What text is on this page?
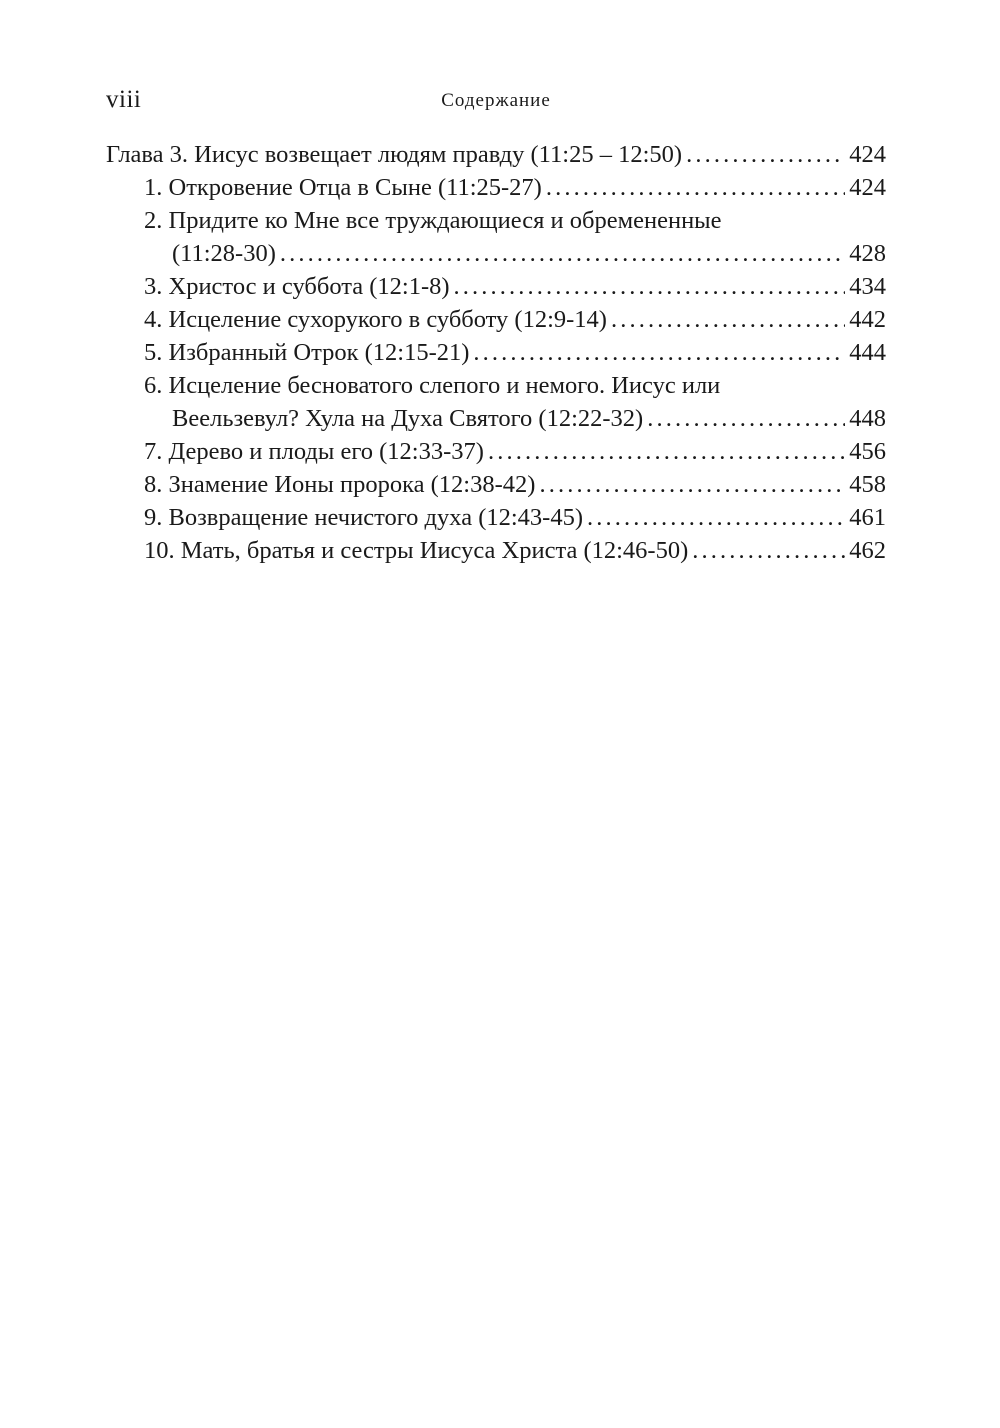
viii	Содержание
Глава 3. Иисус возвещает людям правду (11:25 – 12:50) . . .	424
1. Откровение Отца в Сыне (11:25-27) . . .	424
2. Придите ко Мне все труждающиеся и обремененные
(11:28-30) . . .	428
3. Христос и суббота (12:1-8) . . .	434
4. Исцеление сухорукого в субботу (12:9-14) . . .	442
5. Избранный Отрок (12:15-21) . . .	444
6. Исцеление бесноватого слепого и немого. Иисус или
Веельзевул? Хула на Духа Святого (12:22-32) . . .	448
7. Дерево и плоды его (12:33-37) . . .	456
8. Знамение Ионы пророка (12:38-42) . . .	458
9. Возвращение нечистого духа (12:43-45) . . .	461
10. Мать, братья и сестры Иисуса Христа (12:46-50) . . .	462
